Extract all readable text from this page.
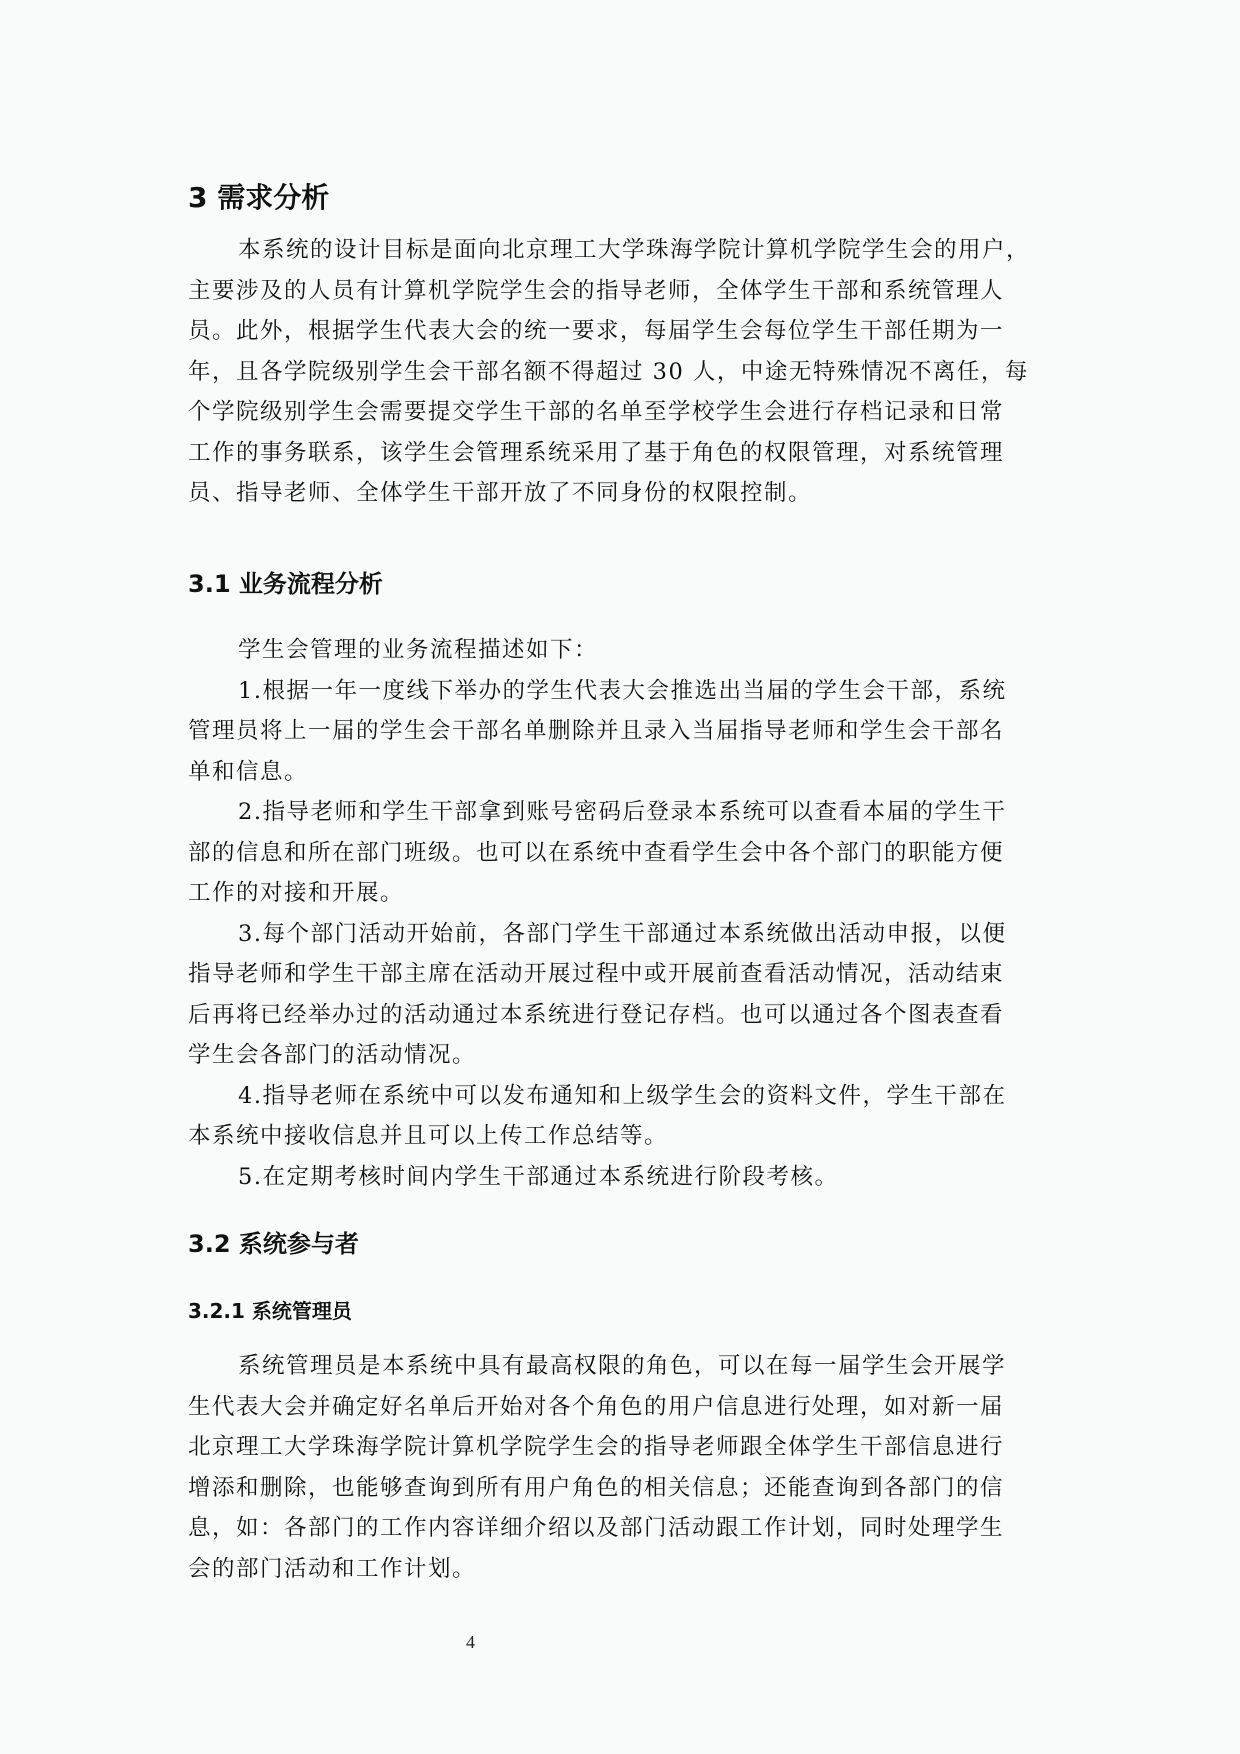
3 需求分析
本系统的设计目标是面向北京理工大学珠海学院计算机学院学生会的用户，
主要涉及的人员有计算机学院学生会的指导老师，全体学生干部和系统管理人
员。此外，根据学生代表大会的统一要求，每届学生会每位学生干部任期为一
年，且各学院级别学生会干部名额不得超过 30 人，中途无特殊情况不离任，每
个学院级别学生会需要提交学生干部的名单至学校学生会进行存档记录和日常
工作的事务联系，该学生会管理系统采用了基于角色的权限管理，对系统管理
员、指导老师、全体学生干部开放了不同身份的权限控制。
3.1 业务流程分析
学生会管理的业务流程描述如下：
1.根据一年一度线下举办的学生代表大会推选出当届的学生会干部，系统
管理员将上一届的学生会干部名单删除并且录入当届指导老师和学生会干部名
单和信息。
2.指导老师和学生干部拿到账号密码后登录本系统可以查看本届的学生干
部的信息和所在部门班级。也可以在系统中查看学生会中各个部门的职能方便
工作的对接和开展。
3.每个部门活动开始前，各部门学生干部通过本系统做出活动申报，以便
指导老师和学生干部主席在活动开展过程中或开展前查看活动情况，活动结束
后再将已经举办过的活动通过本系统进行登记存档。也可以通过各个图表查看
学生会各部门的活动情况。
4.指导老师在系统中可以发布通知和上级学生会的资料文件，学生干部在
本系统中接收信息并且可以上传工作总结等。
5.在定期考核时间内学生干部通过本系统进行阶段考核。
3.2 系统参与者
3.2.1 系统管理员
系统管理员是本系统中具有最高权限的角色，可以在每一届学生会开展学
生代表大会并确定好名单后开始对各个角色的用户信息进行处理，如对新一届
北京理工大学珠海学院计算机学院学生会的指导老师跟全体学生干部信息进行
增添和删除，也能够查询到所有用户角色的相关信息；还能查询到各部门的信
息，如：各部门的工作内容详细介绍以及部门活动跟工作计划，同时处理学生
会的部门活动和工作计划。
4
